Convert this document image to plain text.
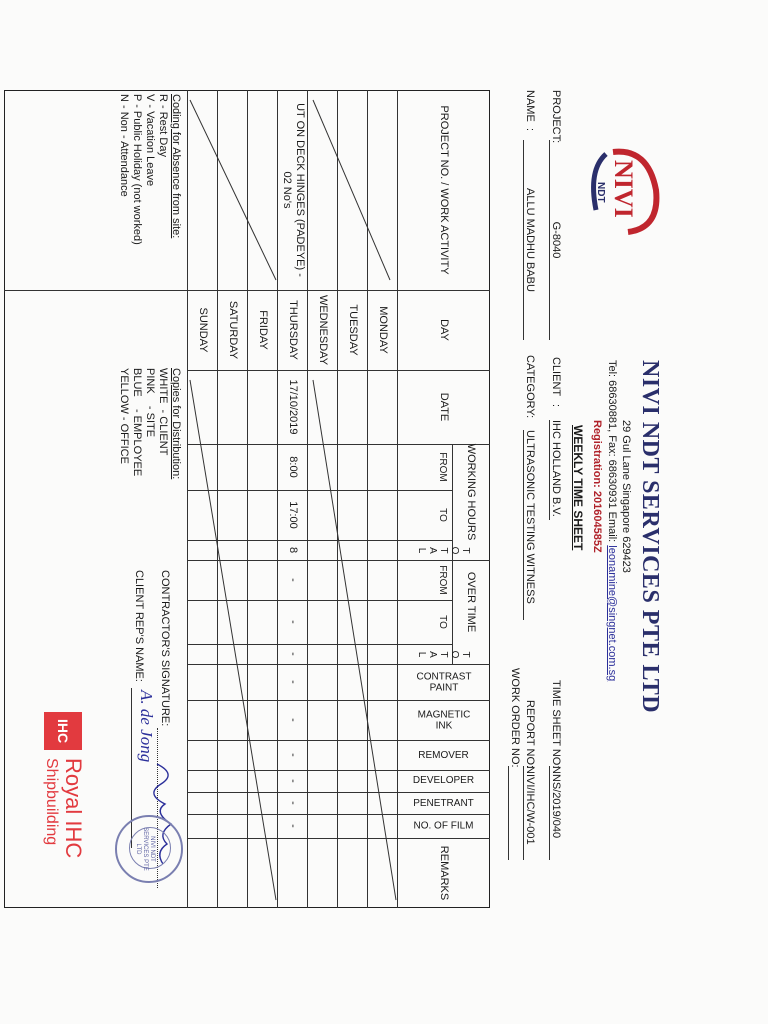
NIVI
NDT
NIVI NDT SERVICES PTE LTD
29 Gul Lane Singapore 629423
Tel: 68630881, Fax: 68630931 Email: leonamine@singnet.com.sg
Registration: 201604585Z
WEEKLY TIME SHEET
PROJECT:
G-8040
CLIENT
:
IHC HOLLAND B.V.
TIME SHEET NO:
NNS/2019/040
NAME
:
ALLU MADHU BABU
CATEGORY:
ULTRASONIC TESTING WITNESS
REPORT NO:
NIVI/IHC/W-001
WORK ORDER NO:
PROJECT NO. / WORK ACTIVITY
DAY
DATE
WORKING HOURS
FROM
TO
TOTAL
OVER TIME
FROM
TO
TOTAL
CONTRAST
PAINT
MAGNETIC
INK
REMOVER
DEVELOPER
PENETRANT
NO. OF FILM
REMARKS
MONDAY
TUESDAY
WEDNESDAY
THURSDAY
FRIDAY
SATURDAY
SUNDAY
UT ON DECK HINGES (PADEYE) -
02 No's
17/10/2019
8:00
17:00
8
-
-
-
-
-
-
-
-
-
Coding for Absence from site:
R - Rest Day
V - Vacation Leave
P - Public Holiday (not worked)
N - Non - Attendance
Copies for Distribution:
WHITE  - CLIENT
PINK    - SITE
BLUE    - EMPLOYEE
YELLOW - OFFICE
CONTRACTOR'S SIGNATURE:
CLIENT REP'S NAME:
A. de Jong
NIVI NDT SERVICES PTE LTD
IHC
Royal IHC
Shipbuilding
